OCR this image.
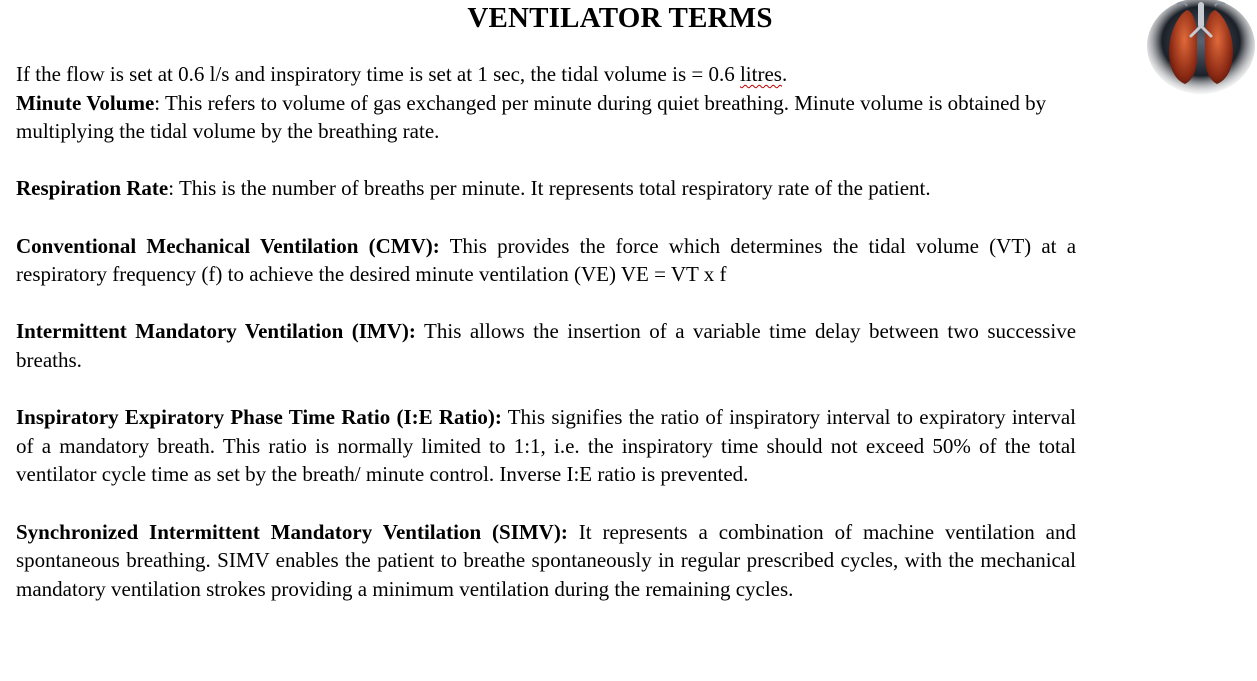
VENTILATOR TERMS

If the flow is set at 0.6 l/s and inspiratory time is set at 1 sec, the tidal volume is = 0.6 litres.

Minute Volume: This refers to volume of gas exchanged per minute during quiet breathing. Minute volume is obtained by multiplying the tidal volume by the breathing rate.

Respiration Rate: This is the number of breaths per minute. It represents total respiratory rate of the patient.

Conventional Mechanical Ventilation (CMV): This provides the force which determines the tidal volume (VT) at a respiratory frequency (f) to achieve the desired minute ventilation (VE) VE = VT x f

Intermittent Mandatory Ventilation (IMV): This allows the insertion of a variable time delay between two successive breaths.

Inspiratory Expiratory Phase Time Ratio (I:E Ratio): This signifies the ratio of inspiratory interval to expiratory interval of a mandatory breath. This ratio is normally limited to 1:1, i.e. the inspiratory time should not exceed 50% of the total ventilator cycle time as set by the breath/ minute control. Inverse I:E ratio is prevented.

Synchronized Intermittent Mandatory Ventilation (SIMV): It represents a combination of machine ventilation and spontaneous breathing. SIMV enables the patient to breathe spontaneously in regular prescribed cycles, with the mechanical mandatory ventilation strokes providing a minimum ventilation during the remaining cycles.
